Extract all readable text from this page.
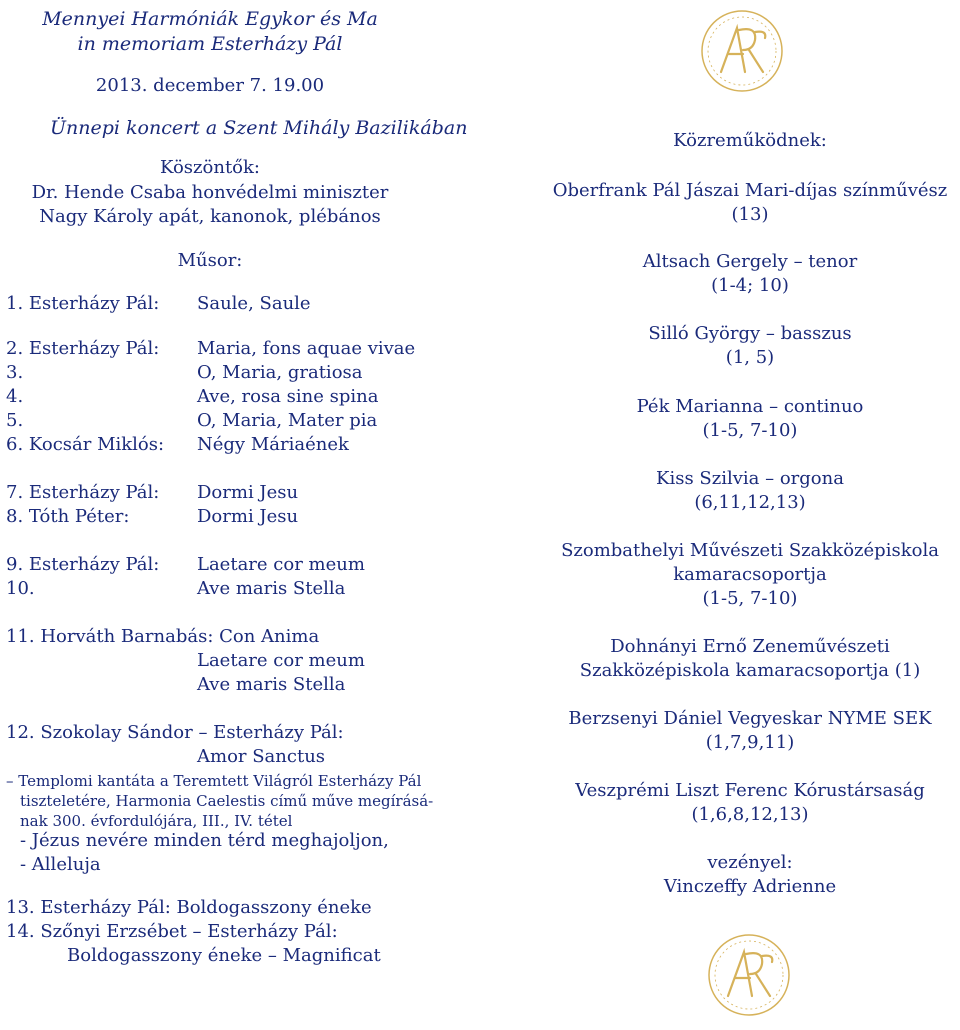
Mennyei Harmóniák Egykor és Ma
in memoriam Esterházy Pál
2013. december 7. 19.00
Ünnepi koncert a Szent Mihály Bazilikában
Köszöntők:
Dr. Hende Csaba honvédelmi miniszter
Nagy Károly apát, kanonok, plébános
Műsor:
1. Esterházy Pál: Saule, Saule
2. Esterházy Pál: Maria, fons aquae vivae
3.	O, Maria, gratiosa
4.	Ave, rosa sine spina
5.	O, Maria, Mater pia
6. Kocsár Miklós: Négy Máriaének
7. Esterházy Pál: Dormi Jesu
8. Tóth Péter:	Dormi Jesu
9. Esterházy Pál: Laetare cor meum
10.	Ave maris Stella
11. Horváth Barnabás: Con Anima
Laetare cor meum
Ave maris Stella
12. Szokolay Sándor – Esterházy Pál:
Amor Sanctus
– Templomi kantáta a Teremtett Világról Esterházy Pál
tiszteletére, Harmonia Caelestis című műve megírásá-
nak 300. évfordulójára, III., IV. tétel
- Jézus nevére minden térd meghajoljon,
- Alleluja
13. Esterházy Pál: Boldogasszony éneke
14. Szőnyi Erzsébet – Esterházy Pál:
Boldogasszony éneke – Magnificat
Közreműködnek:
Oberfrank Pál Jászai Mari-díjas színművész
(13)
Altsach Gergely – tenor
(1-4; 10)
Silló György – basszus
(1, 5)
Pék Marianna – continuo
(1-5, 7-10)
Kiss Szilvia – orgona
(6,11,12,13)
Szombathelyi Művészeti Szakközépiskola
kamaracsoportja
(1-5, 7-10)
Dohnányi Ernő Zeneművészeti
Szakközépiskola kamaracsoportja (1)
Berzsenyi Dániel Vegyeskar NYME SEK
(1,7,9,11)
Veszprémi Liszt Ferenc Kórustársaság
(1,6,8,12,13)
vezényel:
Vinczeffy Adrienne
